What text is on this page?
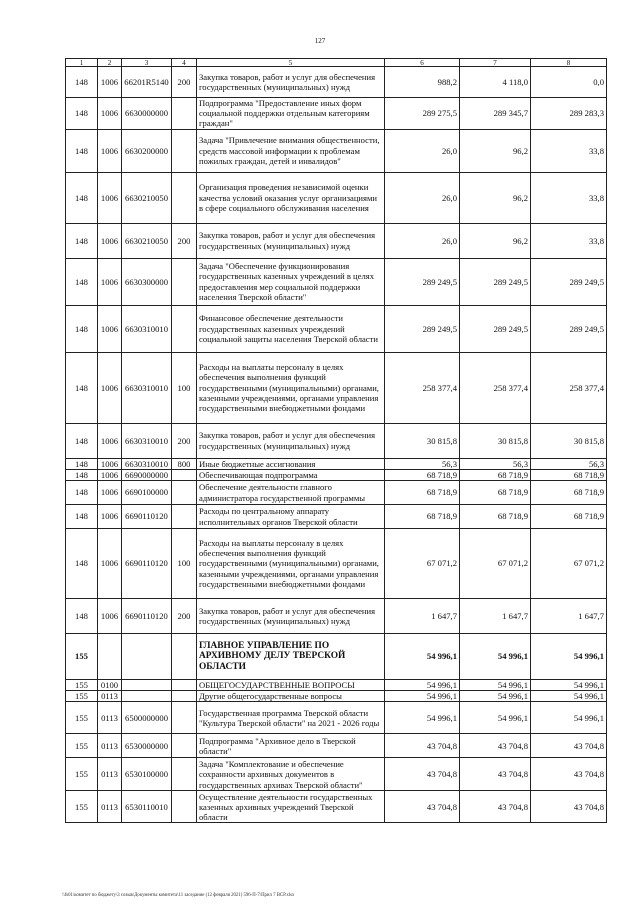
127
1	2	3	4	5	6	7	8
148	1006	66201R5140	200	Закупка товаров, работ и услуг для обеспечения государственных (муниципальных) нужд	988,2	4 118,0	0,0
148	1006	6630000000		Подпрограмма "Предоставление иных форм социальной поддержки отдельным категориям граждан"	289 275,5	289 345,7	289 283,3
148	1006	6630200000		Задача "Привлечение внимания общественности, средств массовой информации к проблемам пожилых граждан, детей и инвалидов"	26,0	96,2	33,8
148	1006	6630210050		Организация проведения независимой оценки качества условий оказания услуг организациями в сфере социального обслуживания населения	26,0	96,2	33,8
148	1006	6630210050	200	Закупка товаров, работ и услуг для обеспечения государственных (муниципальных) нужд	26,0	96,2	33,8
148	1006	6630300000		Задача "Обеспечение функционирования государственных казенных учреждений в целях предоставления мер социальной поддержки населения Тверской области"	289 249,5	289 249,5	289 249,5
148	1006	6630310010		Финансовое обеспечение деятельности государственных казенных учреждений социальной защиты населения Тверской области	289 249,5	289 249,5	289 249,5
148	1006	6630310010	100	Расходы на выплаты персоналу в целях обеспечения выполнения функций государственными (муниципальными) органами, казенными учреждениями, органами управления государственными внебюджетными фондами	258 377,4	258 377,4	258 377,4
148	1006	6630310010	200	Закупка товаров, работ и услуг для обеспечения государственных (муниципальных) нужд	30 815,8	30 815,8	30 815,8
148	1006	6630310010	800	Иные бюджетные ассигнования	56,3	56,3	56,3
148	1006	6690000000		Обеспечивающая подпрограмма	68 718,9	68 718,9	68 718,9
148	1006	6690100000		Обеспечение деятельности главного администратора государственной программы	68 718,9	68 718,9	68 718,9
148	1006	6690110120		Расходы по центральному аппарату исполнительных органов Тверской области	68 718,9	68 718,9	68 718,9
148	1006	6690110120	100	Расходы на выплаты персоналу в целях обеспечения выполнения функций государственными (муниципальными) органами, казенными учреждениями, органами управления государственными внебюджетными фондами	67 071,2	67 071,2	67 071,2
148	1006	6690110120	200	Закупка товаров, работ и услуг для обеспечения государственных (муниципальных) нужд	1 647,7	1 647,7	1 647,7
155				ГЛАВНОЕ УПРАВЛЕНИЕ ПО АРХИВНОМУ ДЕЛУ ТВЕРСКОЙ ОБЛАСТИ	54 996,1	54 996,1	54 996,1
155	0100			ОБЩЕГОСУДАРСТВЕННЫЕ ВОПРОСЫ	54 996,1	54 996,1	54 996,1
155	0113			Другие общегосударственные вопросы	54 996,1	54 996,1	54 996,1
155	0113	6500000000		Государственная программа Тверской области "Культура Тверской области" на 2021 - 2026 годы	54 996,1	54 996,1	54 996,1
155	0113	6530000000		Подпрограмма "Архивное дело в Тверской области"	43 704,8	43 704,8	43 704,8
155	0113	6530100000		Задача "Комплектование и обеспечение сохранности архивных документов в государственных архивах Тверской области"	43 704,8	43 704,8	43 704,8
155	0113	6530110010		Осуществление деятельности государственных казенных архивных учреждений Тверской области	43 704,8	43 704,8	43 704,8
\\fs01\комитет по бюджету\3 созыв\Документы комитета\11 заседание (12 февраля 2021) 596-П-7\Прил 7 ВСР.xlsx
